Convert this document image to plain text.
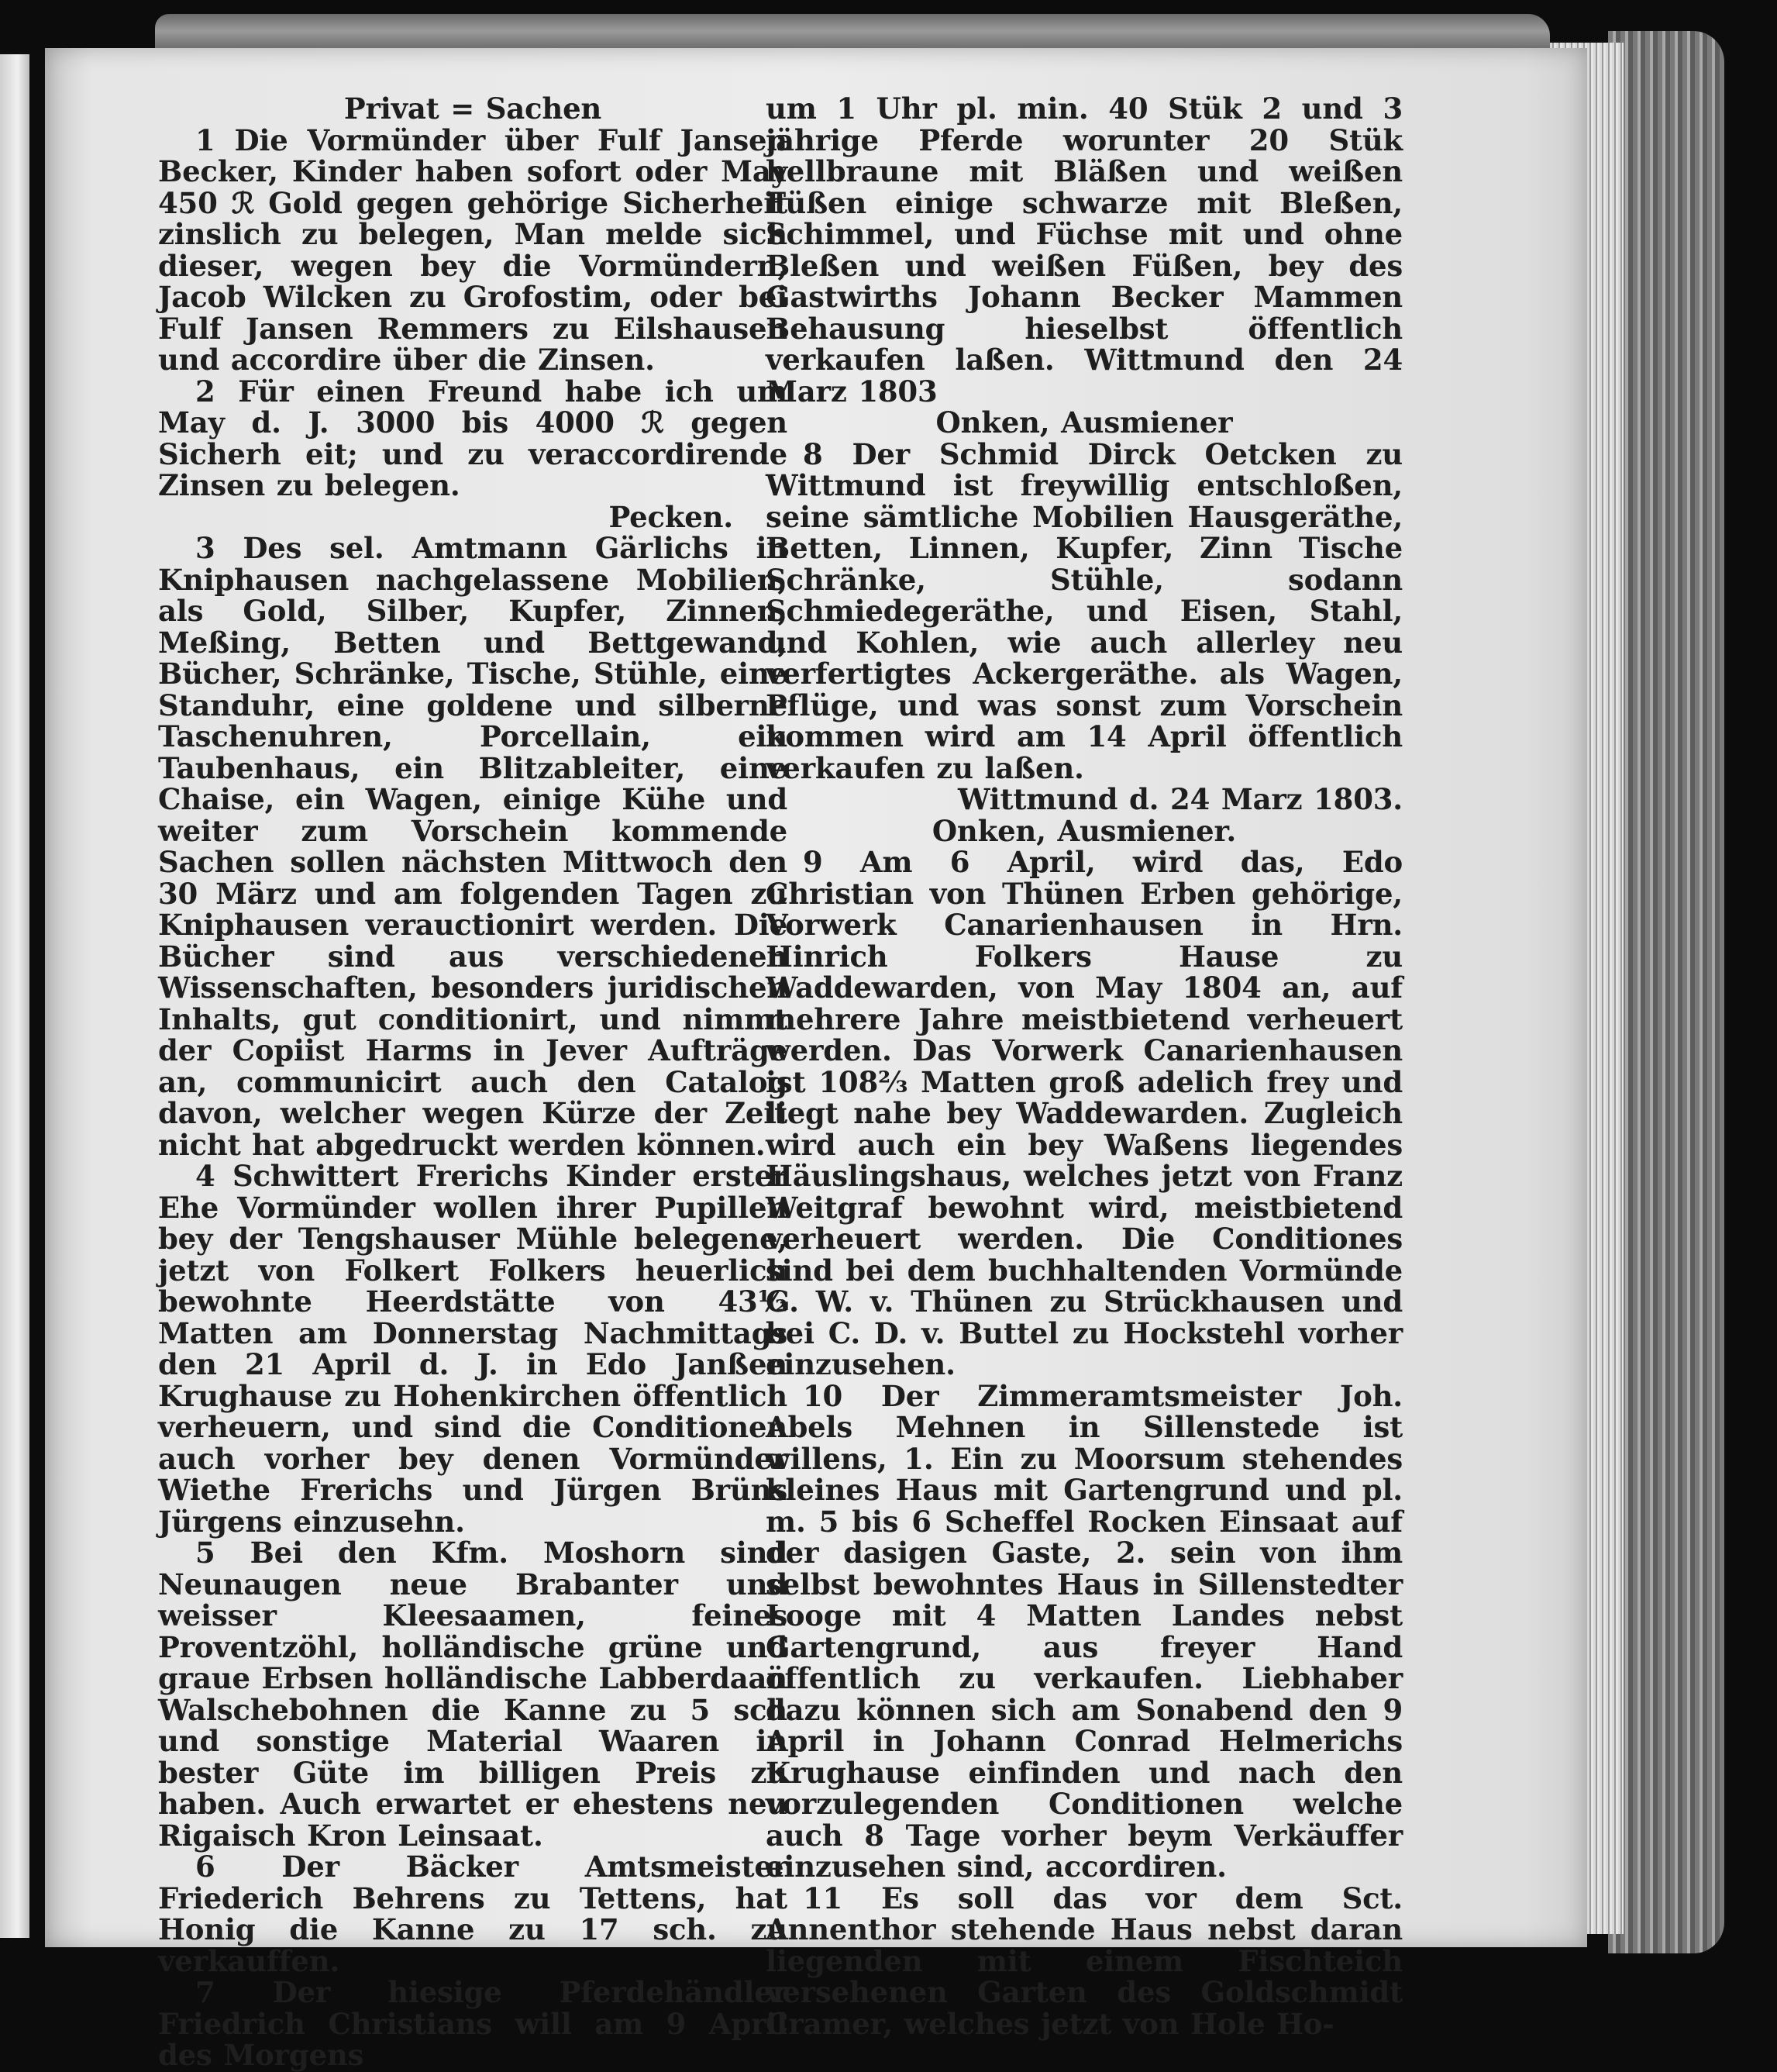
Privat = Sachen

1 Die Vormünder über Fulf Jansen Becker, Kinder haben sofort oder May 450 ℛ Gold gegen gehörige Sicherheit zinslich zu belegen, Man melde sich dieser, wegen bey die Vormündern, Jacob Wilcken zu Grofostim, oder bei Fulf Jansen Remmers zu Eilshausen und accordire über die Zinsen.

2 Für einen Freund habe ich um May d. J. 3000 bis 4000 ℛ gegen Sicherh eit; und zu veraccordirende Zinsen zu belegen.

Pecken.

3 Des sel. Amtmann Gärlichs in Kniphausen nachgelassene Mobilien, als Gold, Silber, Kupfer, Zinnen, Meßing, Betten und Bettgewand, Bücher, Schränke, Tische, Stühle, eine Standuhr, eine goldene und silberne Taschenuhren, Porcellain, ein Taubenhaus, ein Blitzableiter, eine Chaise, ein Wagen, einige Kühe und weiter zum Vorschein kommende Sachen sollen nächsten Mittwoch den 30 März und am folgenden Tagen zu Kniphausen verauctionirt werden. Die Bücher sind aus verschiedenen Wissenschaften, besonders juridischen Inhalts, gut conditionirt, und nimmt der Copiist Harms in Jever Aufträge an, communicirt auch den Catalog davon, welcher wegen Kürze der Zeit nicht hat abgedruckt werden können.

4 Schwittert Frerichs Kinder erster Ehe Vormünder wollen ihrer Pupillen bey der Tengshauser Mühle belegene, jetzt von Folkert Folkers heuerlich bewohnte Heerdstätte von 43½ Matten am Donnerstag Nachmittags den 21 April d. J. in Edo Janßen Krughause zu Hohenkirchen öffentlich verheuern, und sind die Conditionen auch vorher bey denen Vormünder Wiethe Frerichs und Jürgen Brüns Jürgens einzusehn.

5 Bei den Kfm. Moshorn sind Neunaugen neue Brabanter und weisser Kleesaamen, feines Proventzöhl, holländische grüne und graue Erbsen holländische Labberdaan Walschebohnen die Kanne zu 5 sch und sonstige Material Waaren in bester Güte im billigen Preis zu haben. Auch erwartet er ehestens neu Rigaisch Kron Leinsaat.

6 Der Bäcker Amtsmeister Friederich Behrens zu Tettens, hat Honig die Kanne zu 17 sch. zu verkauffen.

7 Der hiesige Pferdehändler Friedrich Christians will am 9 April des Morgens

um 1 Uhr pl. min. 40 Stük 2 und 3 jährige Pferde worunter 20 Stük hellbraune mit Bläßen und weißen Füßen einige schwarze mit Bleßen, Schimmel, und Füchse mit und ohne Bleßen und weißen Füßen, bey des Gastwirths Johann Becker Mammen Behausung hieselbst öffentlich verkaufen laßen. Wittmund den 24 Marz 1803

Onken, Ausmiener

8 Der Schmid Dirck Oetcken zu Wittmund ist freywillig entschloßen, seine sämtliche Mobilien Hausgeräthe, Betten, Linnen, Kupfer, Zinn Tische Schränke, Stühle, sodann Schmiedegeräthe, und Eisen, Stahl, und Kohlen, wie auch allerley neu verfertigtes Ackergeräthe. als Wagen, Pflüge, und was sonst zum Vorschein kommen wird am 14 April öffentlich verkaufen zu laßen.

Wittmund d. 24 Marz 1803.

Onken, Ausmiener.

9 Am 6 April, wird das, Edo Christian von Thünen Erben gehörige, Vorwerk Canarienhausen in Hrn. Hinrich Folkers Hause zu Waddewarden, von May 1804 an, auf mehrere Jahre meistbietend verheuert werden. Das Vorwerk Canarienhausen ist 108⅔ Matten groß adelich frey und liegt nahe bey Waddewarden. Zugleich wird auch ein bey Waßens liegendes Häuslingshaus, welches jetzt von Franz Weitgraf bewohnt wird, meistbietend verheuert werden. Die Conditiones sind bei dem buchhaltenden Vormünde G. W. v. Thünen zu Strückhausen und bei C. D. v. Buttel zu Hockstehl vorher einzusehen.

10 Der Zimmeramtsmeister Joh. Abels Mehnen in Sillenstede ist willens, 1. Ein zu Moorsum stehendes kleines Haus mit Gartengrund und pl. m. 5 bis 6 Scheffel Rocken Einsaat auf der dasigen Gaste, 2. sein von ihm selbst bewohntes Haus in Sillenstedter Looge mit 4 Matten Landes nebst Gartengrund, aus freyer Hand öffentlich zu verkaufen. Liebhaber dazu können sich am Sonabend den 9 April in Johann Conrad Helmerichs Krughause einfinden und nach den vorzulegenden Conditionen welche auch 8 Tage vorher beym Verkäuffer einzusehen sind, accordiren.

11 Es soll das vor dem Sct. Annenthor stehende Haus nebst daran liegenden mit einem Fischteich versehenen Garten des Goldschmidt Cramer, welches jetzt von Hole Ho-
